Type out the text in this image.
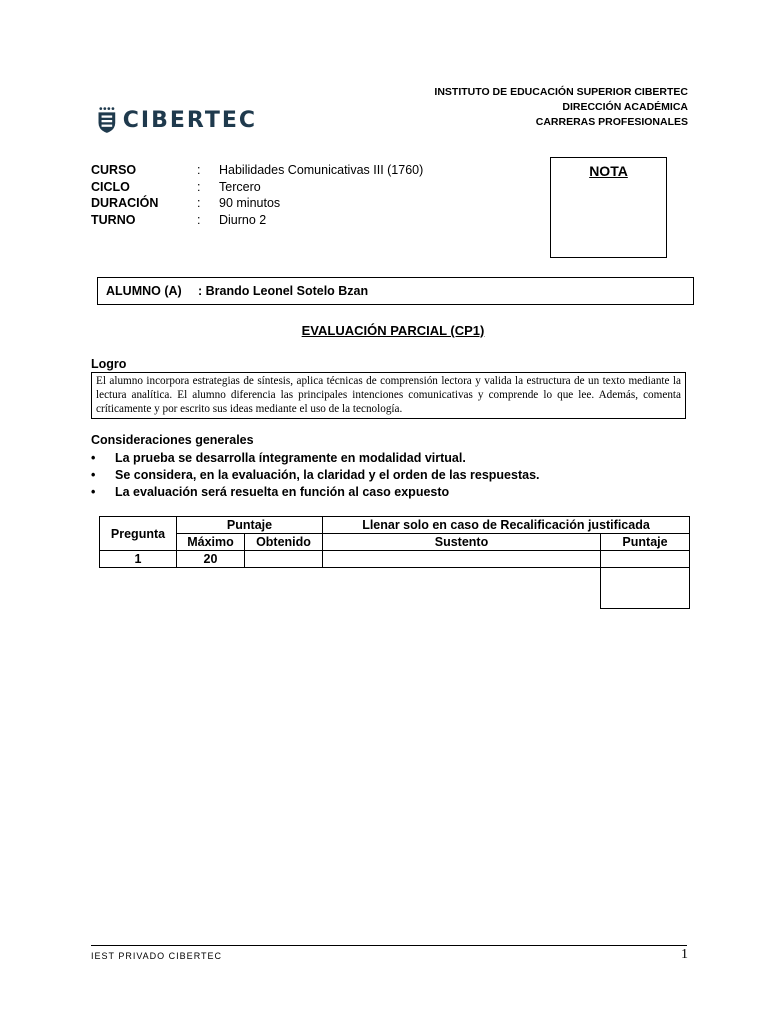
CIBERTEC
INSTITUTO DE EDUCACIÓN SUPERIOR CIBERTEC
DIRECCIÓN ACADÉMICA
CARRERAS PROFESIONALES
CURSO	:	Habilidades Comunicativas III (1760)
CICLO	:	Tercero
DURACIÓN	:	90 minutos
TURNO	:	Diurno 2
NOTA
ALUMNO (A)	: Brando Leonel Sotelo Bzan
EVALUACIÓN PARCIAL (CP1)
Logro
El alumno incorpora estrategias de síntesis, aplica técnicas de comprensión lectora y valida la estructura de un texto mediante la lectura analítica. El alumno diferencia las principales intenciones comunicativas y comprende lo que lee. Además, comenta críticamente y por escrito sus ideas mediante el uso de la tecnología.
Consideraciones generales
•	La prueba se desarrolla íntegramente en modalidad virtual.
•	Se considera, en la evaluación, la claridad y el orden de las respuestas.
•	La evaluación será resuelta en función al caso expuesto
Pregunta	Puntaje		Llenar solo en caso de Recalificación justificada	
	Máximo	Obtenido	Sustento	Puntaje
1	20			
IEST PRIVADO CIBERTEC	1
